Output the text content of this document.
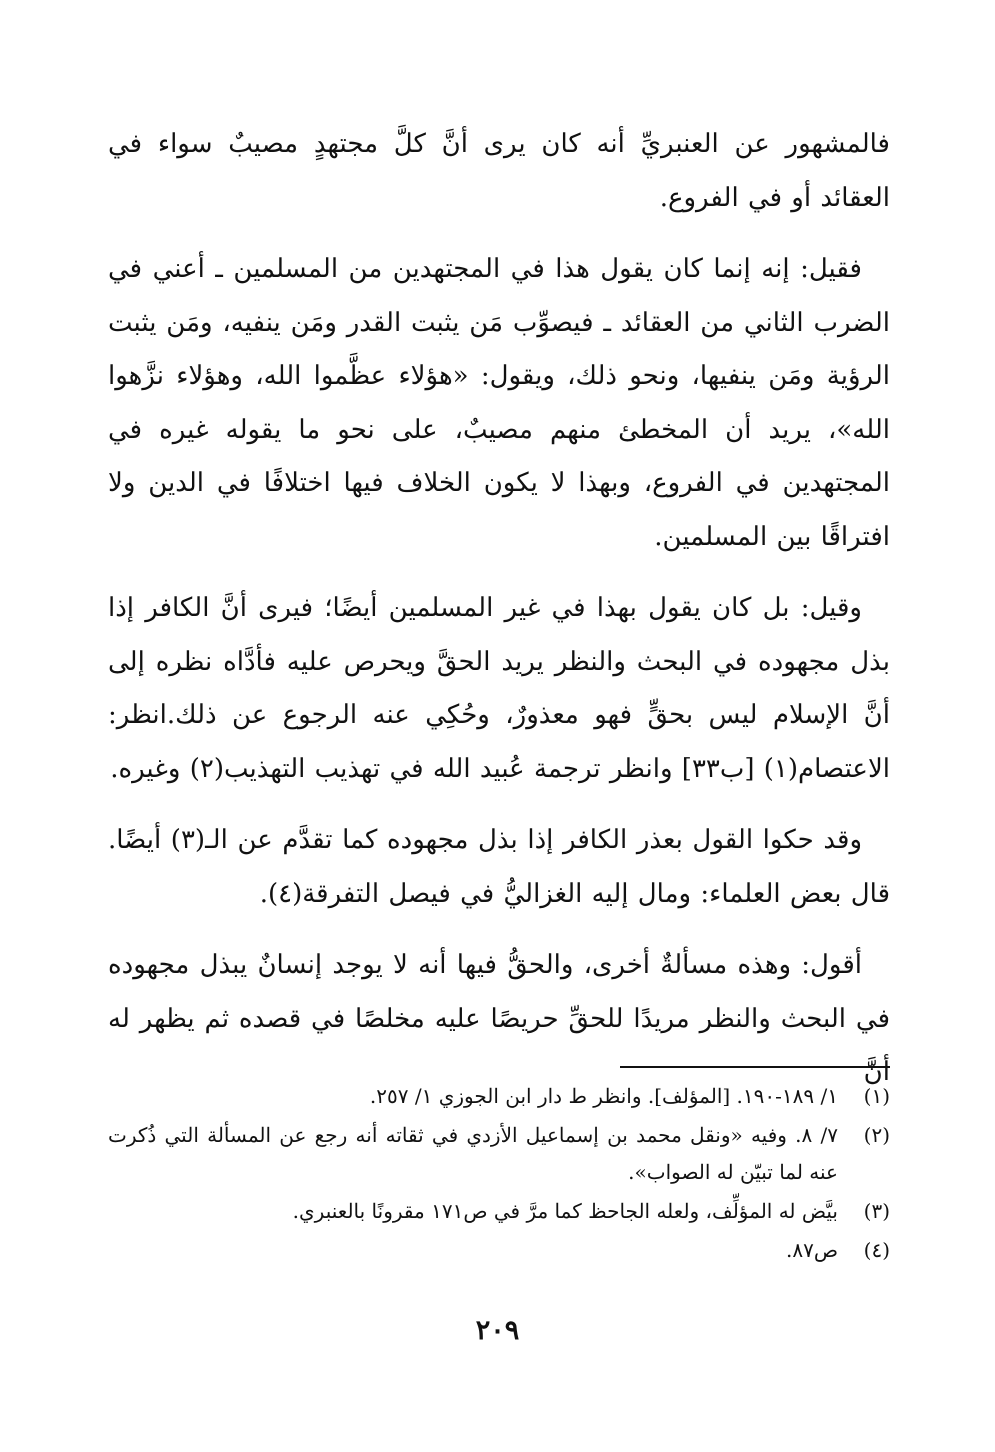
فالمشهور عن العنبريِّ أنه كان يرى أنَّ كلَّ مجتهدٍ مصيبٌ سواء في العقائد أو في الفروع.

فقيل: إنه إنما كان يقول هذا في المجتهدين من المسلمين ـ أعني في الضرب الثاني من العقائد ـ فيصوِّب مَن يثبت القدر ومَن ينفيه، ومَن يثبت الرؤية ومَن ينفيها، ونحو ذلك، ويقول: «هؤلاء عظَّموا الله، وهؤلاء نزَّهوا الله»، يريد أن المخطئ منهم مصيبٌ، على نحو ما يقوله غيره في المجتهدين في الفروع، وبهذا لا يكون الخلاف فيها اختلافًا في الدين ولا افتراقًا بين المسلمين.

وقيل: بل كان يقول بهذا في غير المسلمين أيضًا؛ فيرى أنَّ الكافر إذا بذل مجهوده في البحث والنظر يريد الحقَّ ويحرص عليه فأدَّاه نظره إلى أنَّ الإسلام ليس بحقٍّ فهو معذورٌ، وحُكِي عنه الرجوع عن ذلك.انظر: الاعتصام(١) [ب٣٣] وانظر ترجمة عُبيد الله في تهذيب التهذيب(٢) وغيره.

وقد حكوا القول بعذر الكافر إذا بذل مجهوده كما تقدَّم عن الـ(٣) أيضًا. قال بعض العلماء: ومال إليه الغزاليُّ في فيصل التفرقة(٤).

أقول: وهذه مسألةٌ أخرى، والحقُّ فيها أنه لا يوجد إنسانٌ يبذل مجهوده في البحث والنظر مريدًا للحقِّ حريصًا عليه مخلصًا في قصده ثم يظهر له أنَّ

(١)
١/ ١٨٩-١٩٠. [المؤلف]. وانظر ط دار ابن الجوزي ١/ ٢٥٧.
(٢)
٧/ ٨. وفيه «ونقل محمد بن إسماعيل الأزدي في ثقاته أنه رجع عن المسألة التي ذُكرت عنه لما تبيّن له الصواب».
(٣)
بيَّض له المؤلِّف، ولعله الجاحظ كما مرَّ في ص١٧١ مقرونًا بالعنبري.
(٤)
ص٨٧.
٢٠٩
